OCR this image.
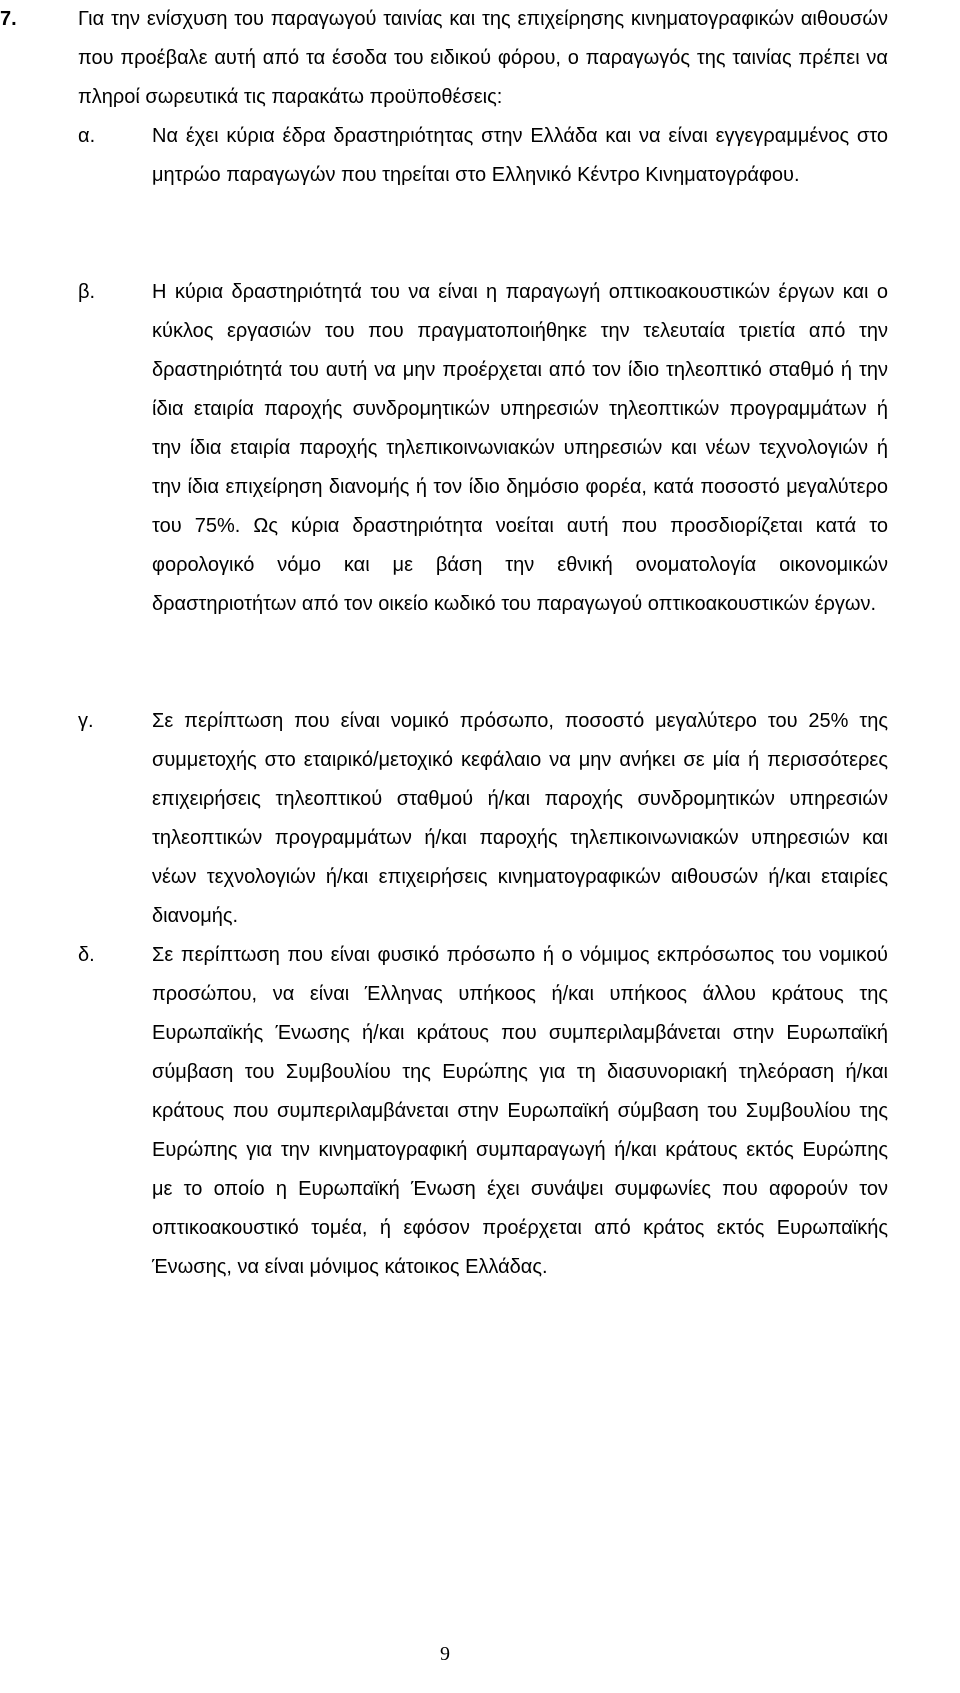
7.	Για την ενίσχυση του παραγωγού ταινίας και της επιχείρησης κινηματογραφικών αιθουσών που προέβαλε αυτή από τα έσοδα του ειδικού φόρου, ο παραγωγός της ταινίας πρέπει να πληροί σωρευτικά τις παρακάτω προϋποθέσεις:
α.	Να έχει κύρια έδρα δραστηριότητας στην Ελλάδα και να είναι εγγεγραμμένος στο μητρώο παραγωγών που τηρείται στο Ελληνικό Κέντρο Κινηματογράφου.
β.	Η κύρια δραστηριότητά του να είναι η παραγωγή οπτικοακουστικών έργων και ο κύκλος εργασιών του που πραγματοποιήθηκε την τελευταία τριετία από την δραστηριότητά του αυτή να μην προέρχεται από τον ίδιο τηλεοπτικό σταθμό ή την ίδια εταιρία παροχής συνδρομητικών υπηρεσιών τηλεοπτικών προγραμμάτων ή την ίδια εταιρία παροχής τηλεπικοινωνιακών υπηρεσιών και νέων τεχνολογιών ή την ίδια επιχείρηση διανομής ή τον ίδιο δημόσιο φορέα, κατά ποσοστό μεγαλύτερο του 75%. Ως κύρια δραστηριότητα νοείται αυτή που προσδιορίζεται κατά το φορολογικό νόμο και με βάση την εθνική ονοματολογία οικονομικών δραστηριοτήτων από τον οικείο κωδικό του παραγωγού οπτικοακουστικών έργων.
γ.	Σε περίπτωση που είναι νομικό πρόσωπο, ποσοστό μεγαλύτερο του 25% της συμμετοχής στο εταιρικό/μετοχικό κεφάλαιο να μην ανήκει σε μία ή περισσότερες επιχειρήσεις τηλεοπτικού σταθμού ή/και παροχής συνδρομητικών υπηρεσιών τηλεοπτικών προγραμμάτων ή/και παροχής τηλεπικοινωνιακών υπηρεσιών και νέων τεχνολογιών ή/και επιχειρήσεις κινηματογραφικών αιθουσών ή/και εταιρίες διανομής.
δ.	Σε περίπτωση που είναι φυσικό πρόσωπο ή ο νόμιμος εκπρόσωπος του νομικού προσώπου, να είναι Έλληνας υπήκοος ή/και υπήκοος άλλου κράτους της Ευρωπαϊκής Ένωσης ή/και κράτους που συμπεριλαμβάνεται στην Ευρωπαϊκή σύμβαση του Συμβουλίου της Ευρώπης για τη διασυνοριακή τηλεόραση ή/και κράτους που συμπεριλαμβάνεται στην Ευρωπαϊκή σύμβαση του Συμβουλίου της Ευρώπης για την κινηματογραφική συμπαραγωγή ή/και κράτους εκτός Ευρώπης με το οποίο η Ευρωπαϊκή Ένωση έχει συνάψει συμφωνίες που αφορούν τον οπτικοακουστικό τομέα, ή εφόσον προέρχεται από κράτος εκτός Ευρωπαϊκής Ένωσης, να είναι μόνιμος κάτοικος Ελλάδας.
9
